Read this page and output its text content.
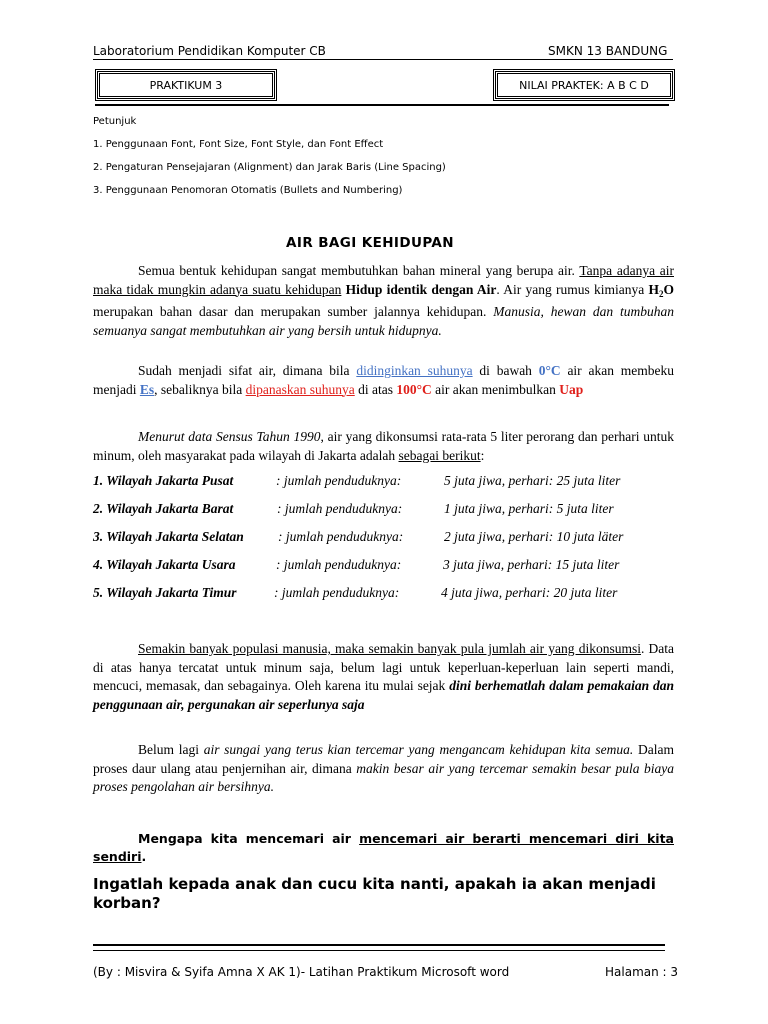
Laboratorium Pendidikan Komputer CB	SMKN 13 BANDUNG
PRAKTIKUM 3	NILAI PRAKTEK: A B C D
Petunjuk
1. Penggunaan Font, Font Size, Font Style, dan Font Effect
2. Pengaturan Pensejajaran (Alignment) dan Jarak Baris (Line Spacing)
3. Penggunaan Penomoran Otomatis (Bullets and Numbering)
AIR BAGI KEHIDUPAN
Semua bentuk kehidupan sangat membutuhkan bahan mineral yang berupa air. Tanpa adanya air maka tidak mungkin adanya suatu kehidupan Hidup identik dengan Air. Air yang rumus kimianya $H_2O$ merupakan bahan dasar dan merupakan sumber jalannya kehidupan. Manusia, hewan dan tumbuhan semuanya sangat membutuhkan air yang bersih untuk hidupnya.
Sudah menjadi sifat air, dimana bila didinginkan suhunya di bawah 0°C air akan membeku menjadi Es, sebaliknya bila dipanaskan suhunya di atas 100°C air akan menimbulkan Uap
Menurut data Sensus Tahun 1990, air yang dikonsumsi rata-rata 5 liter perorang dan perhari untuk minum, oleh masyarakat pada wilayah di Jakarta adalah sebagai berikut:
1. Wilayah Jakarta Pusat	: jumlah penduduknya:	5 juta jiwa, perhari: 25 juta liter
2. Wilayah Jakarta Barat	: jumlah penduduknya:	1 juta jiwa, perhari: 5 juta liter
3. Wilayah Jakarta Selatan	: jumlah penduduknya:	2 juta jiwa, perhari: 10 juta läter
4. Wilayah Jakarta Usara	: jumlah penduduknya:	3 juta jiwa, perhari: 15 juta liter
5. Wilayah Jakarta Timur	: jumlah penduduknya:	4 juta jiwa, perhari: 20 juta liter
Semakin banyak populasi manusia, maka semakin banyak pula jumlah air yang dikonsumsi. Data di atas hanya tercatat untuk minum saja, belum lagi untuk keperluan-keperluan lain seperti mandi, mencuci, memasak, dan sebagainya. Oleh karena itu mulai sejak dini berhematlah dalam pemakaian dan penggunaan air, pergunakan air seperlunya saja
Belum lagi air sungai yang terus kian tercemar yang mengancam kehidupan kita semua. Dalam proses daur ulang atau penjernihan air, dimana makin besar air yang tercemar semakin besar pula biaya proses pengolahan air bersihnya.
Mengapa kita mencemari air mencemari air berarti mencemari diri kita sendiri.
Ingatlah kepada anak dan cucu kita nanti, apakah ia akan menjadi korban?
(By : Misvira & Syifa Amna X AK 1)- Latihan Praktikum Microsoft word	Halaman : 3
